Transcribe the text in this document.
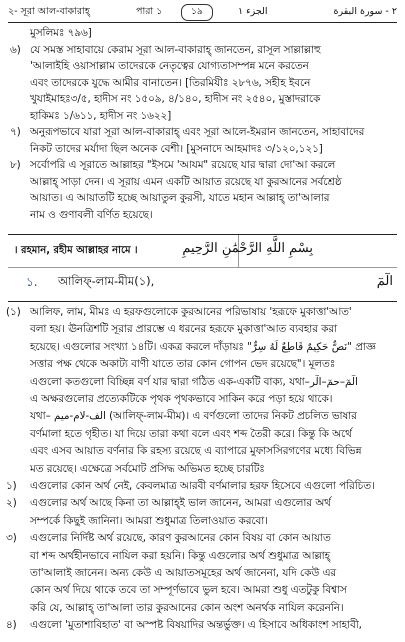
২- সূরা আল-বাকারাহ্	পারা ১	১৯	الجزء ١	٢ - سورة البقرة
মুসলিমঃ ৭৯৬]
৬) যে সমস্ত সাহাবায়ে কেরাম সূরা আল-বাকারাহ্ জানতেন, রাসূল সাল্লাল্লাহু
'আলাইহি ওয়াসাল্লাম তাদেরকে নেতৃত্বের যোগ্যতাসম্পন্ন মনে করতেন
এবং তাদেরকে যুদ্ধে আমীর বানাতেন। [তিরমিযীঃ ২৮৭৬, সহীহ ইবনে
খুযাইমাহঃ৩/৫, হাদীস নং ১৫০৯, ৪/১৪০, হাদীস নং ২৫৪০, মুস্তাদরাকে
হাকিমঃ ১/৬১১, হাদীস নং ১৬২২]
৭) অনুরূপভাবে যারা সূরা আল-বাকারাহ্ এবং সূরা আলে-ইমরান জানতেন, সাহাবাদের
নিকট তাদের মর্যাদা ছিল অনেক বেশী। [মুসনাদে আহমাদঃ ৩/১২০,১২১]
৮) সর্বোপরি এ সূরাতে আল্লাহর "ইসমে 'আযম" রয়েছে যার দ্বারা দো'আ করলে
আল্লাহ্ সাড়া দেন। এ সূরায় এমন একটি আয়াত রয়েছে যা কুরআনের সর্বশ্রেষ্ঠ
আয়াত। এ আয়াতটি হচ্ছে আয়াতুল কুরসী, যাতে মহান আল্লাহ্ তা'আলার
নাম ও গুণাবলী বর্ণিত হয়েছে।
। রহমান, রহীম আল্লাহর নামে ।	بِسْمِ اللَّهِ الرَّحْمَٰنِ الرَّحِيمِ
১. আলিফ্-লাম-মীম(১),	الٓمٓ
(১) আলিফ, লাম, মীমঃ এ হরফগুলোকে কুরআনের পরিভাষায় 'হরূফে মুকাত্তা'আত'
বলা হয়। ঊনত্রিশটি সূরার প্রারম্ভে এ ধরনের হরূফে মুকাত্তা'আত ব্যবহার করা
হয়েছে। এগুলোর সংখ্যা ১৪টি। একত্র করলে দাঁড়ায়ঃ "نَصٌّ حَكِيمٌ قَاطِعٌ لَهُ سِرٌّ" প্রাজ্ঞ
সত্তার পক্ষ থেকে অকাট্য বাণী যাতে তার কোন গোপন ভেদ রয়েছে"। মূলতঃ
এগুলো কতগুলো বিচ্ছিন্ন বর্ণ যার দ্বারা গঠিত এক-একটি বাক্য, যথা–الٓمٓ–حمٓ–الٓر
এ অক্ষরগুলোর প্রত্যেকটিকে পৃথক পৃথকভাবে সাকিন করে পড়া হয়ে থাকে।
যথা– الف-لام-ميم (আলিফ্-লাম-মীম)। এ বর্ণগুলো তাদের নিকট প্রচলিত ভাষার
বর্ণমালা হতে গৃহীত। যা দিয়ে তারা কথা বলে এবং শব্দ তৈরী করে। কিন্তু কি অর্থে
এবং এসব আয়াত বর্ণনার কি রহস্য রয়েছে এ ব্যাপারে মুফাসসিরগণের মধ্যে বিভিন্ন
মত রয়েছে। এক্ষেত্রে সর্বমোট প্রসিদ্ধ অভিমত হচ্ছে চারটিঃ
১) এগুলোর কোন অর্থ নেই, কেবলমাত্র আরবী বর্ণমালার হরফ হিসেবে এগুলো পরিচিত।
২) এগুলোর অর্থ আছে কিনা তা আল্লাহ্ই ভাল জানেন, আমরা এগুলোর অর্থ
সম্পর্কে কিছুই জানিনা। আমরা শুধুমাত্র তিলাওয়াত করবো।
৩) এগুলোর নির্দিষ্ট অর্থ রয়েছে, কারণ কুরআনের কোন বিষয় বা কোন আয়াত
বা শব্দ অর্থহীনভাবে নাযিল করা হয়নি। কিন্তু এগুলোর অর্থ শুধুমাত্র আল্লাহ্
তা'আলাই জানেন। অন্য কেউ এ আয়াতসমূহের অর্থ জানেনা, যদি কেউ এর
কোন অর্থ দিয়ে থাকে তবে তা সম্পূর্ণভাবে ভুল হবে। আমরা শুধু এতটুকু বিশ্বাস
করি যে, আল্লাহ্ তা'আলা তার কুরআনের কোন অংশ অনর্থক নাযিল করেননি।
৪) এগুলো 'মুতাশাবিহাত' বা অস্পষ্ট বিষয়াদির অন্তর্ভুক্ত। এ হিসাবে অধিকাংশ সাহাবী,
